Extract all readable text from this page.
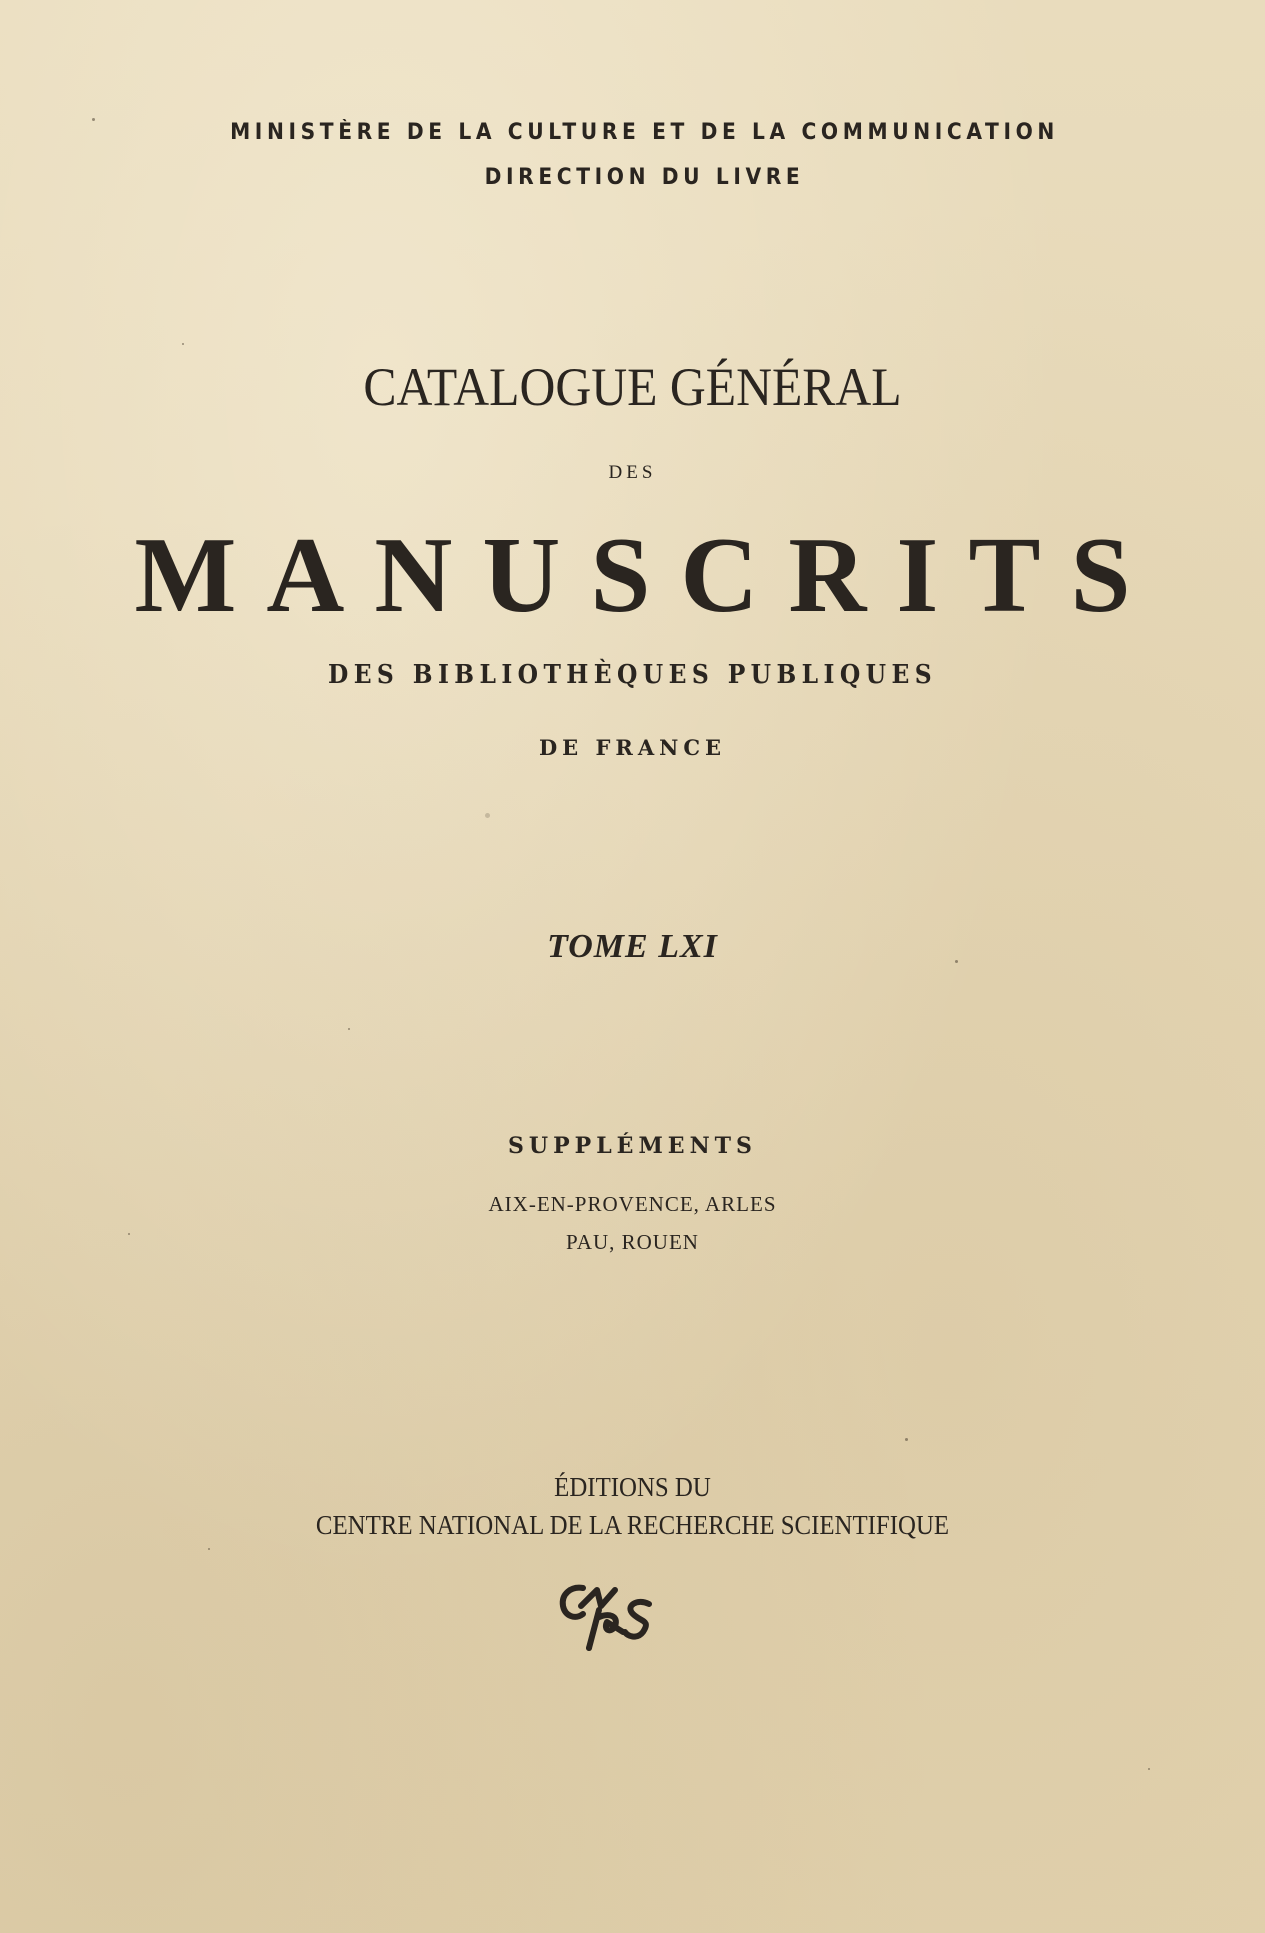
MINISTÈRE DE LA CULTURE ET DE LA COMMUNICATION
DIRECTION DU LIVRE
CATALOGUE GÉNÉRAL
DES
MANUSCRITS
DES BIBLIOTHÈQUES PUBLIQUES
DE FRANCE
TOME LXI
SUPPLÉMENTS
AIX-EN-PROVENCE, ARLES
PAU, ROUEN
ÉDITIONS DU
CENTRE NATIONAL DE LA RECHERCHE SCIENTIFIQUE
